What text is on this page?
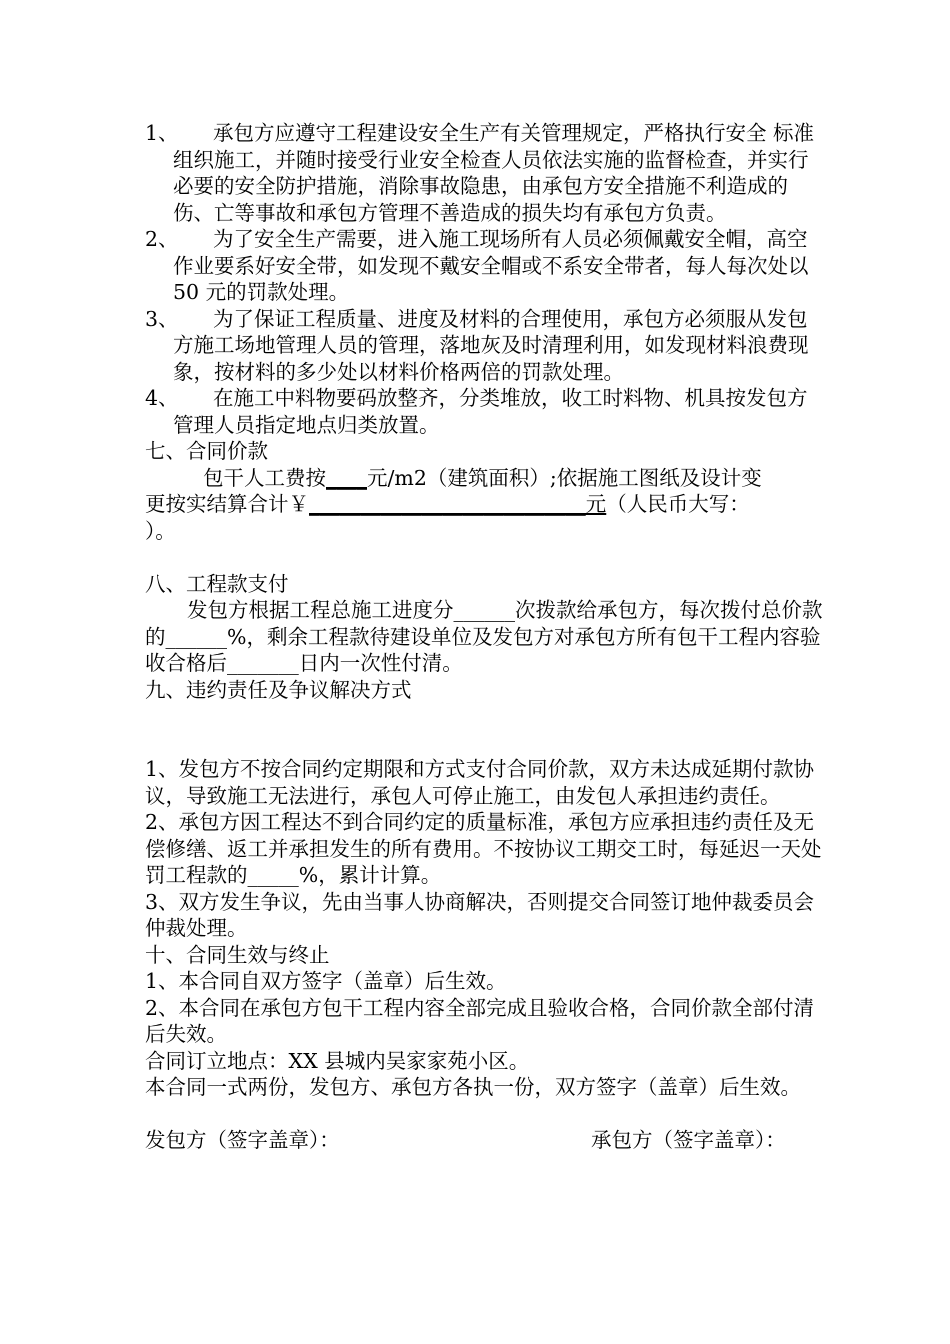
1、	承包方应遵守工程建设安全生产有关管理规定，严格执行安全 标准组织施工，并随时接受行业安全检查人员依法实施的监督检查，并实行必要的安全防护措施，消除事故隐患，由承包方安全措施不利造成的伤、亡等事故和承包方管理不善造成的损失均有承包方负责。

2、	为了安全生产需要，进入施工现场所有人员必须佩戴安全帽，高空作业要系好安全带，如发现不戴安全帽或不系安全带者，每人每次处以 50 元的罚款处理。

3、	为了保证工程质量、进度及材料的合理使用，承包方必须服从发包方施工场地管理人员的管理，落地灰及时清理利用，如发现材料浪费现象，按材料的多少处以材料价格两倍的罚款处理。

4、	在施工中料物要码放整齐，分类堆放，收工时料物、机具按发包方管理人员指定地点归类放置。

七、合同价款

包干人工费按____元/m2（建筑面积）;依据施工图纸及设计变

更按实结算合计￥___________________________元（人民币大写：

）。

八、工程款支付

发包方根据工程总施工进度分______次拨款给承包方，每次拨付总价款的______%，剩余工程款待建设单位及发包方对承包方所有包干工程内容验收合格后_______日内一次性付清。

九、违约责任及争议解决方式

1、发包方不按合同约定期限和方式支付合同价款，双方未达成延期付款协议，导致施工无法进行，承包人可停止施工，由发包人承担违约责任。

2、承包方因工程达不到合同约定的质量标准，承包方应承担违约责任及无偿修缮、返工并承担发生的所有费用。不按协议工期交工时，每延迟一天处罚工程款的_____%，累计计算。

3、双方发生争议，先由当事人协商解决，否则提交合同签订地仲裁委员会仲裁处理。

十、合同生效与终止

1、本合同自双方签字（盖章）后生效。

2、本合同在承包方包干工程内容全部完成且验收合格，合同价款全部付清后失效。

合同订立地点：XX 县城内吴家家苑小区。

本合同一式两份，发包方、承包方各执一份，双方签字（盖章）后生效。

发包方（签字盖章）：	承包方（签字盖章）：
